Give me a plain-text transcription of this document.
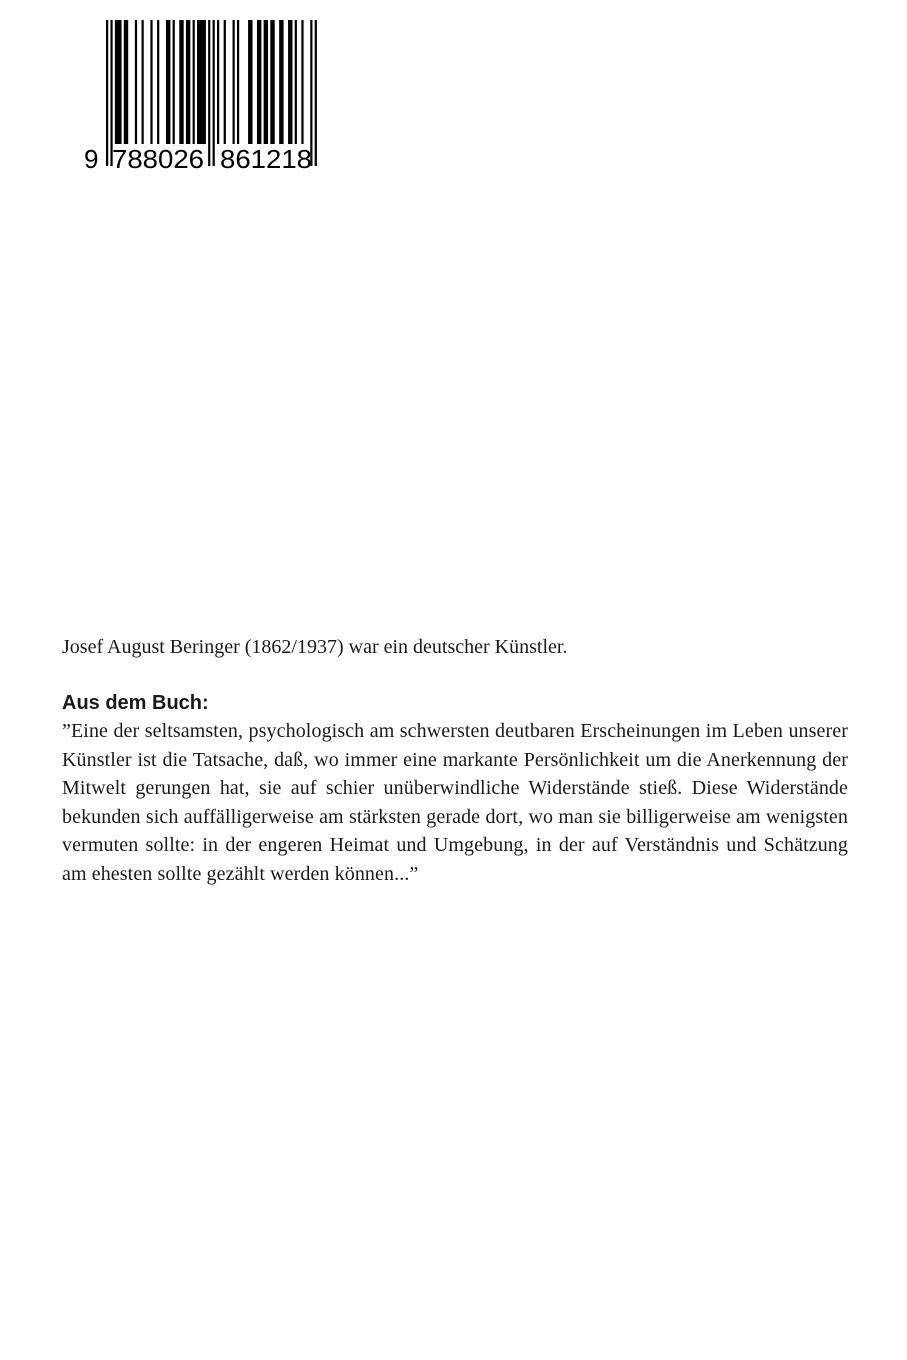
9 788026 861218

Josef August Beringer (1862/1937) war ein deutscher Künstler.

Aus dem Buch:

”Eine der seltsamsten, psychologisch am schwersten deutbaren Erscheinungen im Leben unserer Künstler ist die Tatsache, daß, wo immer eine markante Persönlichkeit um die Anerkennung der Mitwelt gerungen hat, sie auf schier unüberwindliche Widerstände stieß. Diese Widerstände bekunden sich auffälligerweise am stärksten gerade dort, wo man sie billigerweise am wenigsten vermuten sollte: in der engeren Heimat und Umgebung, in der auf Verständnis und Schätzung am ehesten sollte gezählt werden können...”
